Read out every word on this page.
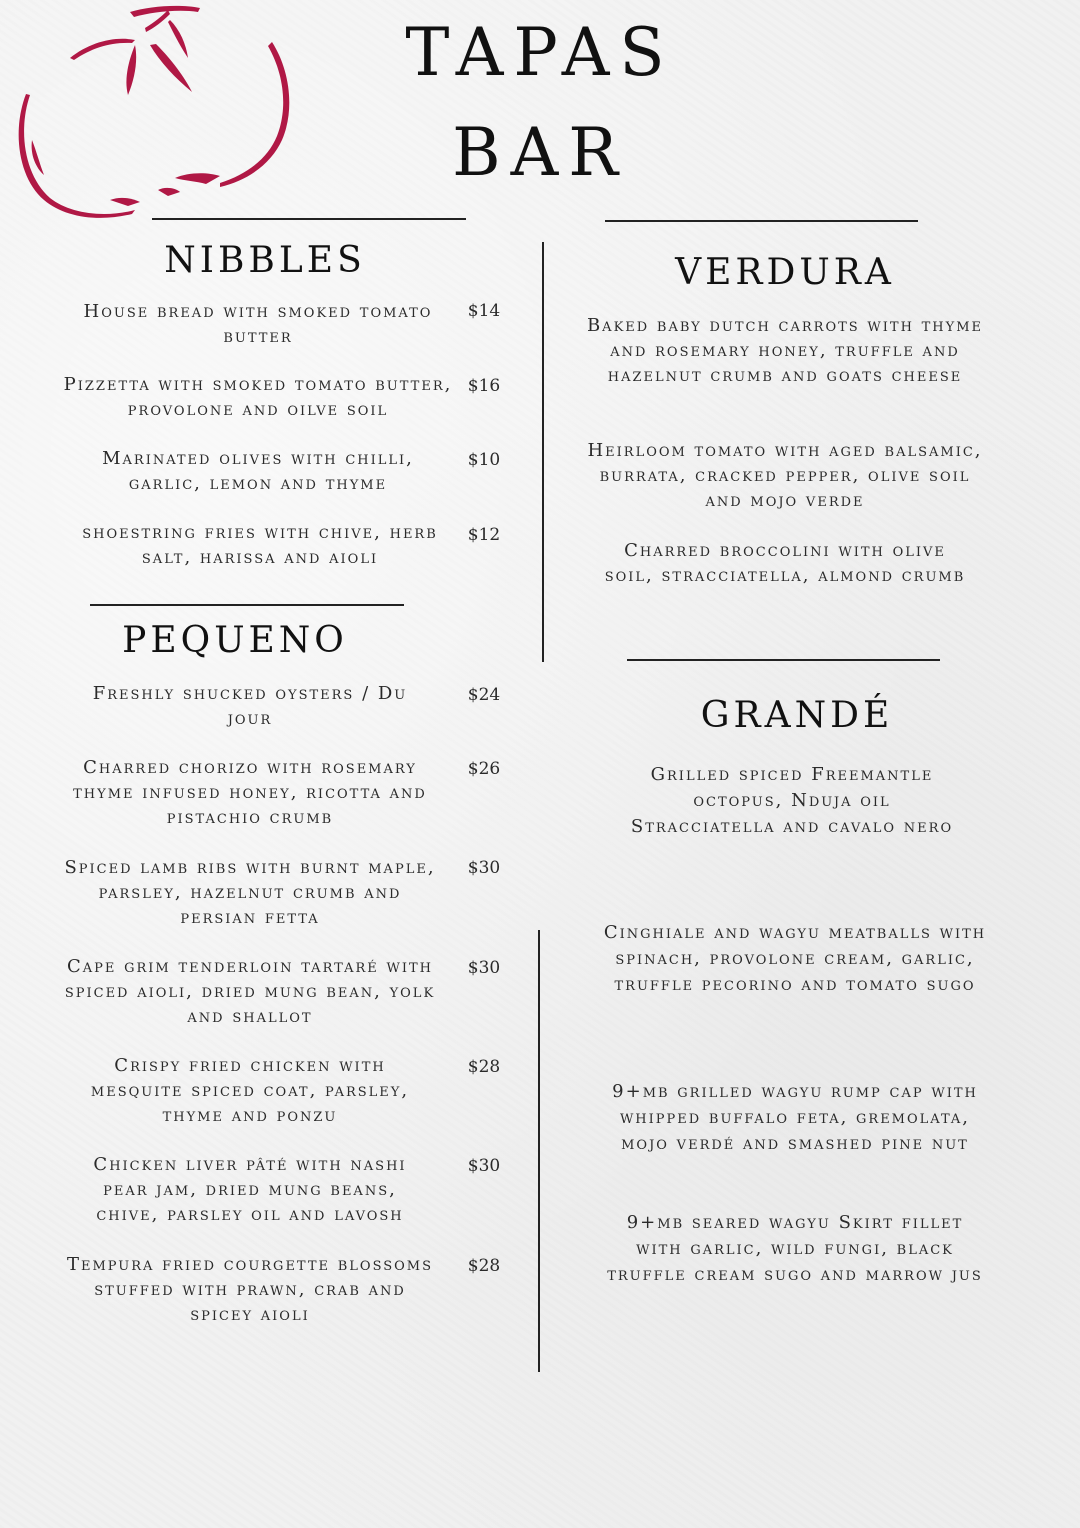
TAPAS
BAR
NIBBLES
House bread with smoked tomato butter
$14
Pizzetta with smoked tomato butter, provolone and oilve soil
$16
Marinated olives with chilli, garlic, lemon and thyme
$10
shoestring fries with chive, herb salt, harissa and aioli
$12
PEQUENO
Freshly shucked oysters / Du jour
$24
Charred chorizo with rosemary thyme infused honey, ricotta and pistachio crumb
$26
Spiced lamb ribs with burnt maple, parsley, hazelnut crumb and persian fetta
$30
Cape grim tenderloin tartaré with spiced aioli, dried mung bean, yolk and shallot
$30
Crispy fried chicken with mesquite spiced coat, parsley, thyme and ponzu
$28
Chicken liver pâté with nashi pear jam, dried mung beans, chive, parsley oil and lavosh
$30
Tempura fried courgette blossoms stuffed with prawn, crab and spicey aioli
$28
VERDURA
Baked baby dutch carrots with thyme and rosemary honey, truffle and hazelnut crumb and goats cheese
Heirloom tomato with aged balsamic, burrata, cracked pepper, olive soil and mojo verde
Charred broccolini with olive soil, stracciatella, almond crumb
GRANDÉ
Grilled spiced Freemantle octopus, Nduja oil Stracciatella and cavalo nero
Cinghiale and wagyu meatballs with spinach, provolone cream, garlic, truffle pecorino and tomato sugo
9+mb grilled wagyu rump cap with whipped buffalo feta, gremolata, mojo verdé and smashed pine nut
9+mb seared wagyu Skirt fillet with garlic, wild fungi, black truffle cream sugo and marrow jus
